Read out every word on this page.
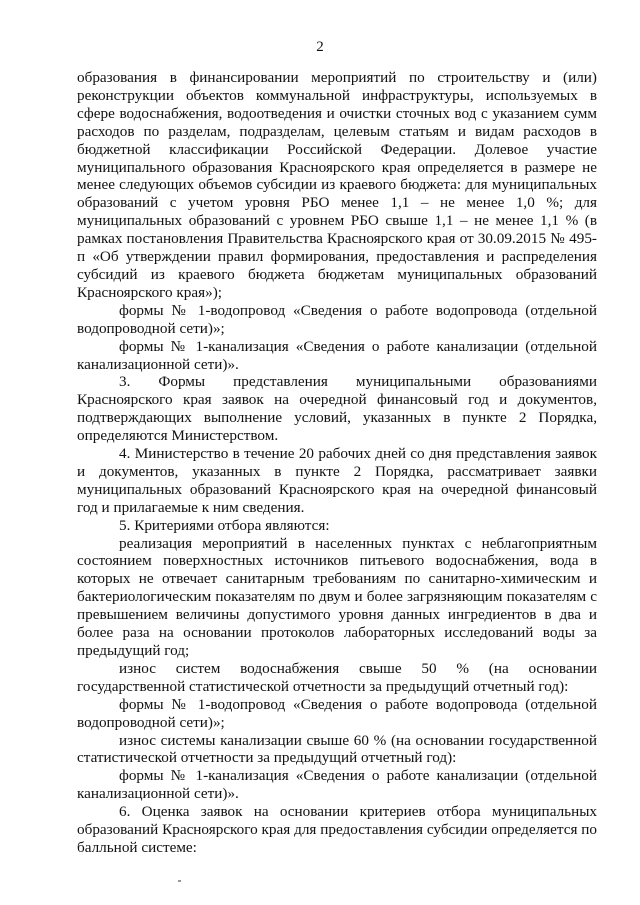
2

образования в финансировании мероприятий по строительству и (или) реконструкции объектов коммунальной инфраструктуры, используемых в сфере водоснабжения, водоотведения и очистки сточных вод с указанием сумм расходов по разделам, подразделам, целевым статьям и видам расходов в бюджетной классификации Российской Федерации. Долевое участие муниципального образования Красноярского края определяется в размере не менее следующих объемов субсидии из краевого бюджета: для муниципальных образований с учетом уровня РБО менее 1,1 – не менее 1,0 %; для муниципальных образований с уровнем РБО свыше 1,1 – не менее 1,1 % (в рамках постановления Правительства Красноярского края от 30.09.2015 № 495-п «Об утверждении правил формирования, предоставления и распределения субсидий из краевого бюджета бюджетам муниципальных образований Красноярского края»);

формы № 1-водопровод «Сведения о работе водопровода (отдельной водопроводной сети)»;

формы № 1-канализация «Сведения о работе канализации (отдельной канализационной сети)».

3. Формы представления муниципальными образованиями Красноярского края заявок на очередной финансовый год и документов, подтверждающих выполнение условий, указанных в пункте 2 Порядка, определяются Министерством.

4. Министерство в течение 20 рабочих дней со дня представления заявок и документов, указанных в пункте 2 Порядка, рассматривает заявки муниципальных образований Красноярского края на очередной финансовый год и прилагаемые к ним сведения.

5. Критериями отбора являются:

реализация мероприятий в населенных пунктах с неблагоприятным состоянием поверхностных источников питьевого водоснабжения, вода в которых не отвечает санитарным требованиям по санитарно-химическим и бактериологическим показателям по двум и более загрязняющим показателям с превышением величины допустимого уровня данных ингредиентов в два и более раза на основании протоколов лабораторных исследований воды за предыдущий год;

износ систем водоснабжения свыше 50 % (на основании государственной статистической отчетности за предыдущий отчетный год):

формы № 1-водопровод «Сведения о работе водопровода (отдельной водопроводной сети)»;

износ системы канализации свыше 60 % (на основании государственной статистической отчетности за предыдущий отчетный год):

формы № 1-канализация «Сведения о работе канализации (отдельной канализационной сети)».

6. Оценка заявок на основании критериев отбора муниципальных образований Красноярского края для предоставления субсидии определяется по балльной системе:
